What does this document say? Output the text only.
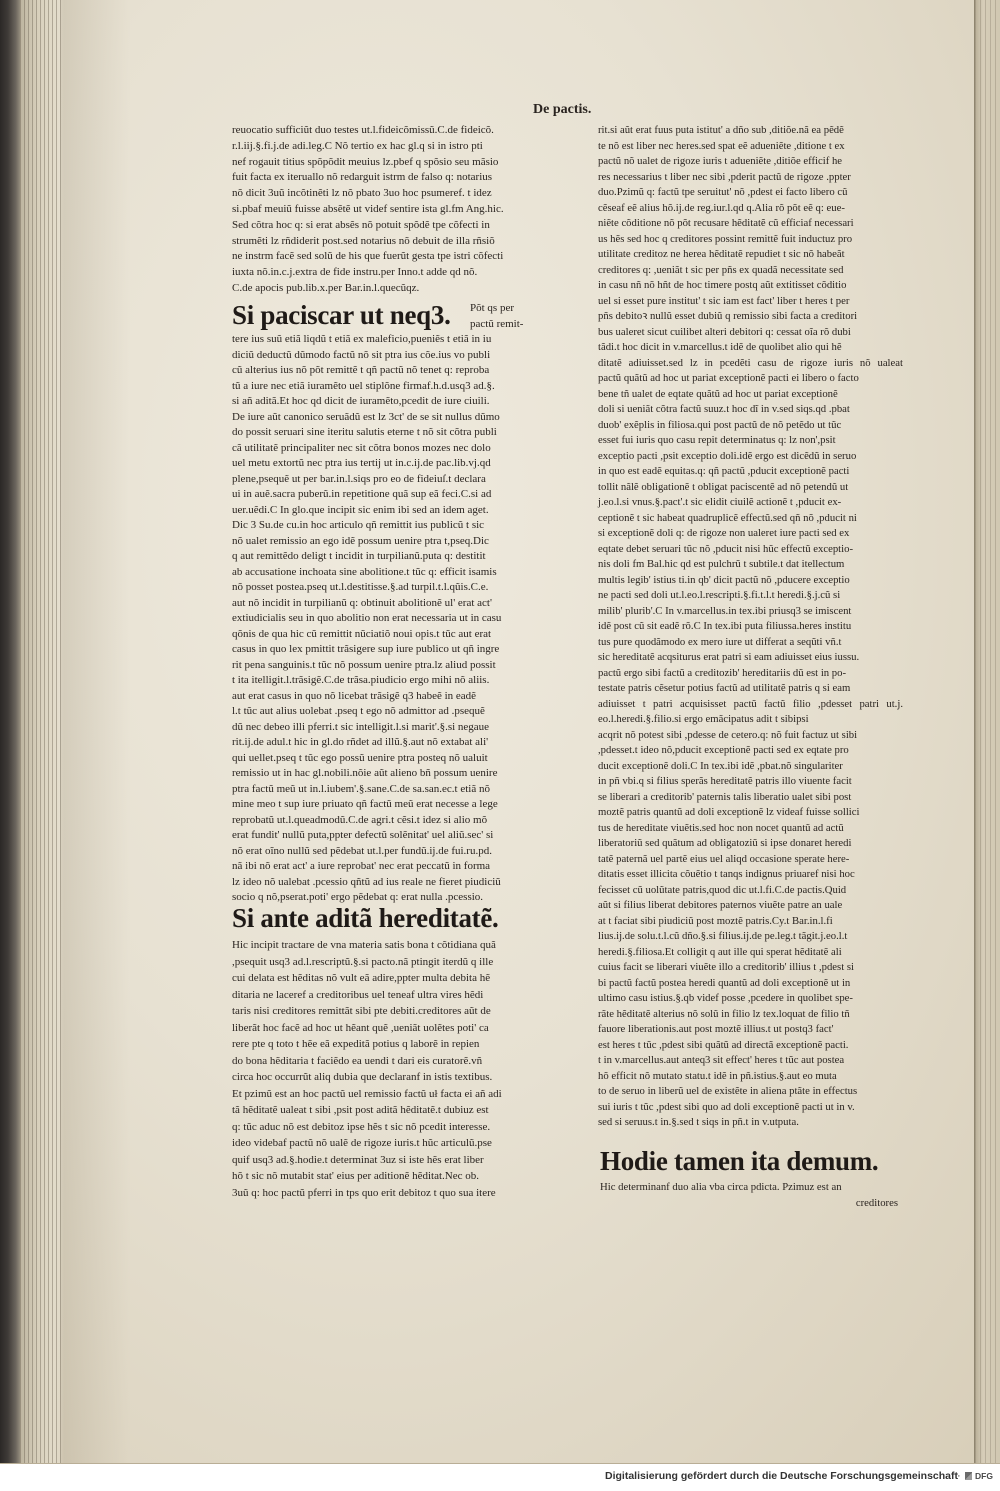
De pactis.
reuocatio sufficiũt duo testes ut.l.fideicõmissũ.C.de fideicõ.
r.l.iij.§.fi.j.de adi.leg.C Nõ tertio ex hac gl.q si in istro pti
nef rogauit titius spõpõdit meuius lz.pbef q spõsio seu mãsio
fuit facta ex iteruallo nõ redarguit istrm de falso q: notarius
nõ dicit 3uũ incõtinẽti lz nõ pbato 3uo hoc psumeref. t idez
si.pbaf meuiũ fuisse absẽtẽ ut videf sentire ista gl.fm Ang.hic.
Sed cõtra hoc q: si erat absẽs nõ potuit spõdẽ tpe cõfecti in
strumẽti lz rñdiderit post.sed notarius nõ debuit de illa rñsiõ
ne instrm facẽ sed solũ de his que fuerũt gesta tpe istri cõfecti
iuxta nõ.in.c.j.extra de fide instru.per Inno.t adde qd nõ.
C.de apocis pub.lib.x.per Bar.in.l.quecũqz.
Si paciscar ut neq3.	Põt qs per
pactũ remit-
tere ius suũ etiã liqdũ t etiã ex maleficio,pueniẽs t etiã in iu
diciũ deductũ dũmodo factũ nõ sit ptra ius cõe.ius vo publi
cũ alterius ius nõ põt remittẽ t qñ pactũ nõ tenet q: reproba
tũ a iure nec etiã iuramẽto uel stiplõne firmaf.h.d.usq3 ad.§.
si añ aditã.Et hoc qd dicit de iuramẽto,pcedit de iure ciuili.
De iure aũt canonico seruãdũ est lz 3ct' de se sit nullus dũmo
do possit seruari sine iteritu salutis eterne t nõ sit cõtra publi
cã utilitatẽ principaliter nec sit cõtra bonos mozes nec dolo
uel metu extortũ nec ptra ius tertij ut in.c.ij.de pac.lib.vj.qd
plene,psequẽ ut per bar.in.l.siqs pro eo de fideiuſ.t declara
ui in auẽ.sacra puberũ.in repetitione quã sup eã feci.C.si ad
uer.uẽdi.C In glo.que incipit sic enim ibi sed an idem aget.
Dic 3 Su.de cu.in hoc articulo qñ remittit ius publicũ t sic
nõ ualet remissio an ego idẽ possum uenire ptra t,pseq.Dic
q aut remittẽdo deligt t incidit in turpilianũ.puta q: destitit
ab accusatione inchoata sine abolitione.t tũc q: efficit isamis
nõ posset postea.pseq ut.l.destitisse.§.ad turpil.t.l.qũis.C.e.
aut nõ incidit in turpilianũ q: obtinuit abolitionẽ ul' erat act'
extiudicialis seu in quo abolitio non erat necessaria ut in casu
qõnis de qua hic cũ remittit nũciatiõ noui opis.t tũc aut erat
casus in quo lex pmittit trãsigere sup iure publico ut qñ ingre
rit pena sanguinis.t tũc nõ possum uenire ptra.lz aliud possit
t ita itelligit.l.trãsigẽ.C.de trãsa.piudicio ergo mihi nõ aliis.
aut erat casus in quo nõ licebat trãsigẽ q3 habeẽ in eadẽ
l.t tũc aut alius uolebat .pseq t ego nõ admittor ad .psequẽ
dũ nec debeo illi pferri.t sic intelligit.l.si marit'.§.si negaue
rit.ij.de adul.t hic in gl.do rñdet ad illũ.§.aut nõ extabat ali'
qui uellet.pseq t tũc ego possũ uenire ptra posteq nõ ualuit
remissio ut in hac gl.nobili.nõie aũt alieno bñ possum uenire
ptra factũ meũ ut in.l.iubem'.§.sane.C.de sa.san.ec.t etiã nõ
mine meo t sup iure priuato qñ factũ meũ erat necesse a lege
reprobatũ ut.l.queadmodũ.C.de agri.t cẽsi.t idez si alio mõ
erat fundit' nullũ puta,ppter defectũ solẽnitat' uel aliũ.sec' si
nõ erat oĩno nullũ sed pẽdebat ut.l.per fundũ.ij.de fui.ru.pd.
nã ibi nõ erat act' a iure reprobat' nec erat peccatũ in forma
lz ideo nõ ualebat .pcessio qñtũ ad ius reale ne fieret piudiciũ
socio q nõ,pserat.poti' ergo pẽdebat q: erat nulla .pcessio.
Si ante aditã hereditatẽ.
Hic incipit tractare de vna materia satis bona t cõtidiana quã
,psequit usq3 ad.l.rescriptũ.§.si pacto.nã ptingit iterdũ q ille
cui delata est hẽditas nõ vult eã adire,ppter multa debita hẽ
ditaria ne laceref a creditoribus uel teneaf ultra vires hẽdi
taris nisi creditores remittãt sibi pte debiti.creditores aũt de
liberãt hoc facẽ ad hoc ut hẽant quẽ ,ueniãt uolẽtes poti' ca
rere pte q toto t hẽe eã expeditã potius q laborẽ in repien
do bona hẽditaria t faciẽdo ea uendi t dari eis curatorẽ.vñ
circa hoc occurrũt aliq dubia que declaranf in istis textibus.
Et pzimũ est an hoc pactũ uel remissio factũ uł facta ei añ adi
tã hẽditatẽ ualeat t sibi ,psit post aditã hẽditatẽ.t dubiuz est
q: tũc aduc nõ est debitoz ipse hẽs t sic nõ pcedit interesse.
ideo videbaf pactũ nõ ualẽ de rigoze iuris.t hũc articulũ.pse
quif usq3 ad.§.hodie.t determinat 3uz si iste hẽs erat liber
hõ t sic nõ mutabit stat' eius per aditionẽ hẽditat.Nec ob.
3uũ q: hoc pactũ pferri in tps quo erit debitoz t quo sua itere
rit.si aũt erat fuus puta istitut' a dño sub ,ditiõe.nã ea pẽdẽ
te nõ est liber nec heres.sed spat eẽ adueniẽte ,ditione t ex
pactũ nõ ualet de rigoze iuris t adueniẽte ,ditiõe efficif he
res necessarius t liber nec sibi ,pderit pactũ de rigoze .ppter
duo.Pzimũ q: factũ tpe seruitut' nõ ,pdest ei facto libero cũ
cẽseaf eẽ alius hõ.ij.de reg.iur.l.qd q.Alia rõ põt eẽ q: eue-
niẽte cõditione nõ põt recusare hẽditatẽ cũ efficiaf necessari
us hẽs sed hoc q creditores possint remittẽ fuit inductuz pro
utilitate creditoz ne herea hẽditatẽ repudiet t sic nõ habeãt
creditores q: ,ueniãt t sic per pñs ex quadã necessitate sed
in casu nñ nõ hñt de hoc timere postq aũt extitisset cõditio
uel si esset pure institut' t sic iam est fact' liber t heres t per
pñs debitoꝛ nullũ esset dubiũ q remissio sibi facta a creditori
bus ualeret sicut cuilibet alteri debitori q: cessat oĩa rõ dubi
tãdi.t hoc dicit in v.marcellus.t idẽ de quolibet alio qui hẽ
ditatẽ adiuisset.sed lz in pcedẽti casu de rigoze iuris nõ ualeat
pactũ quãtũ ad hoc ut pariat exceptionẽ pacti ei libero o facto
bene tñ ualet de eqtate quãtũ ad hoc ut pariat exceptionẽ
doli si ueniãt cõtra factũ suuz.t hoc dĩ in v.sed siqs.qd .pbat
duob' exẽplis in filiosa.qui post pactũ de nõ petẽdo ut tũc
esset fui iuris quo casu repit determinatus q: lz non',psit
exceptio pacti ,psit exceptio doli.idẽ ergo est dicẽdũ in seruo
in quo est eadẽ equitas.q: qñ pactũ ,pducit exceptionẽ pacti
tollit nãlẽ obligationẽ t obligat paciscentẽ ad nõ petendũ ut
j.eo.l.si vnus.§.pact'.t sic elidit ciuilẽ actionẽ t ,pducit ex-
ceptionẽ t sic habeat quadruplicẽ effectũ.sed qñ nõ ,pducit ni
si exceptionẽ doli q: de rigoze non ualeret iure pacti sed ex
eqtate debet seruari tũc nõ ,pducit nisi hũc effectũ exceptio-
nis doli fm Bal.hic qd est pulchrũ t subtile.t dat itellectum
multis legib' istius ti.in qb' dicit pactũ nõ ,pducere exceptio
ne pacti sed doli ut.l.eo.l.rescripti.§.fi.t.l.t heredi.§.j.cũ si
milib' plurib'.C In v.marcellus.in tex.ibi priusq3 se imiscent
idẽ post cũ sit eadẽ rõ.C In tex.ibi puta filiussa.heres institu
tus pure quodãmodo ex mero iure ut differat a seqũti vñ.t
sic hereditatẽ acqsiturus erat patri si eam adiuisset eius iussu.
pactũ ergo sibi factũ a creditozib' hereditariis dũ est in po-
testate patris cẽsetur potius factũ ad utilitatẽ patris q si eam
adiuisset t patri acquisisset pactũ factũ filio ,pdesset patri ut.j.
eo.l.heredi.§.filio.si ergo emãcipatus adit t sibipsi
acqrit nõ potest sibi ,pdesse de cetero.q: nõ fuit factuz ut sibi
,pdesset.t ideo nõ,pducit exceptionẽ pacti sed ex eqtate pro
ducit exceptionẽ doli.C In tex.ibi idẽ ,pbat.nõ singulariter
in pñ vbi.q si filius sperãs hereditatẽ patris illo viuente facit
se liberari a creditorib' paternis talis liberatio ualet sibi post
moztẽ patris quantũ ad doli exceptionẽ lz videaf fuisse sollici
tus de hereditate viuẽtis.sed hoc non nocet quantũ ad actũ
liberatoriũ sed quãtum ad obligatoziũ si ipse donaret heredi
tatẽ paternã uel partẽ eius uel aliqd occasione sperate here-
ditatis esset illicita cõuẽtio t tanqs indignus priuaref nisi hoc
fecisset cũ uolũtate patris,quod dic ut.l.fi.C.de pactis.Quid
aũt si filius liberat debitores paternos viuẽte patre an uale
at t faciat sibi piudiciũ post moztẽ patris.Cy.t Bar.in.l.fi
lius.ij.de solu.t.l.cũ dño.§.si filius.ij.de pe.leg.t tãgit.j.eo.l.t
heredi.§.filiosa.Et colligit q aut ille qui sperat hẽditatẽ ali
cuius facit se liberari viuẽte illo a creditorib' illius t ,pdest si
bi pactũ factũ postea heredi quantũ ad doli exceptionẽ ut in
ultimo casu istius.§.qb videf posse ,pcedere in quolibet spe-
rãte hẽditatẽ alterius nõ solũ in filio lz tex.loquat de filio tñ
fauore liberationis.aut post moztẽ illius.t ut postq3 fact'
est heres t tũc ,pdest sibi quãtũ ad directã exceptionẽ pacti.
t in v.marcellus.aut anteq3 sit effect' heres t tũc aut postea
hõ efficit nõ mutato statu.t idẽ in pñ.istius.§.aut eo muta
to de seruo in liberũ uel de existẽte in aliena ptãte in effectus
sui iuris t tũc ,pdest sibi quo ad doli exceptionẽ pacti ut in v.
sed si seruus.t in.§.sed t siqs in pñ.t in v.utputa.
Hodie tamen ita demum.
Hic determinanf duo alia vba circa pdicta. Pzimuz est an
creditores
Digitalisierung gefördert durch die Deutsche Forschungsgemeinschaft ·	DFG
